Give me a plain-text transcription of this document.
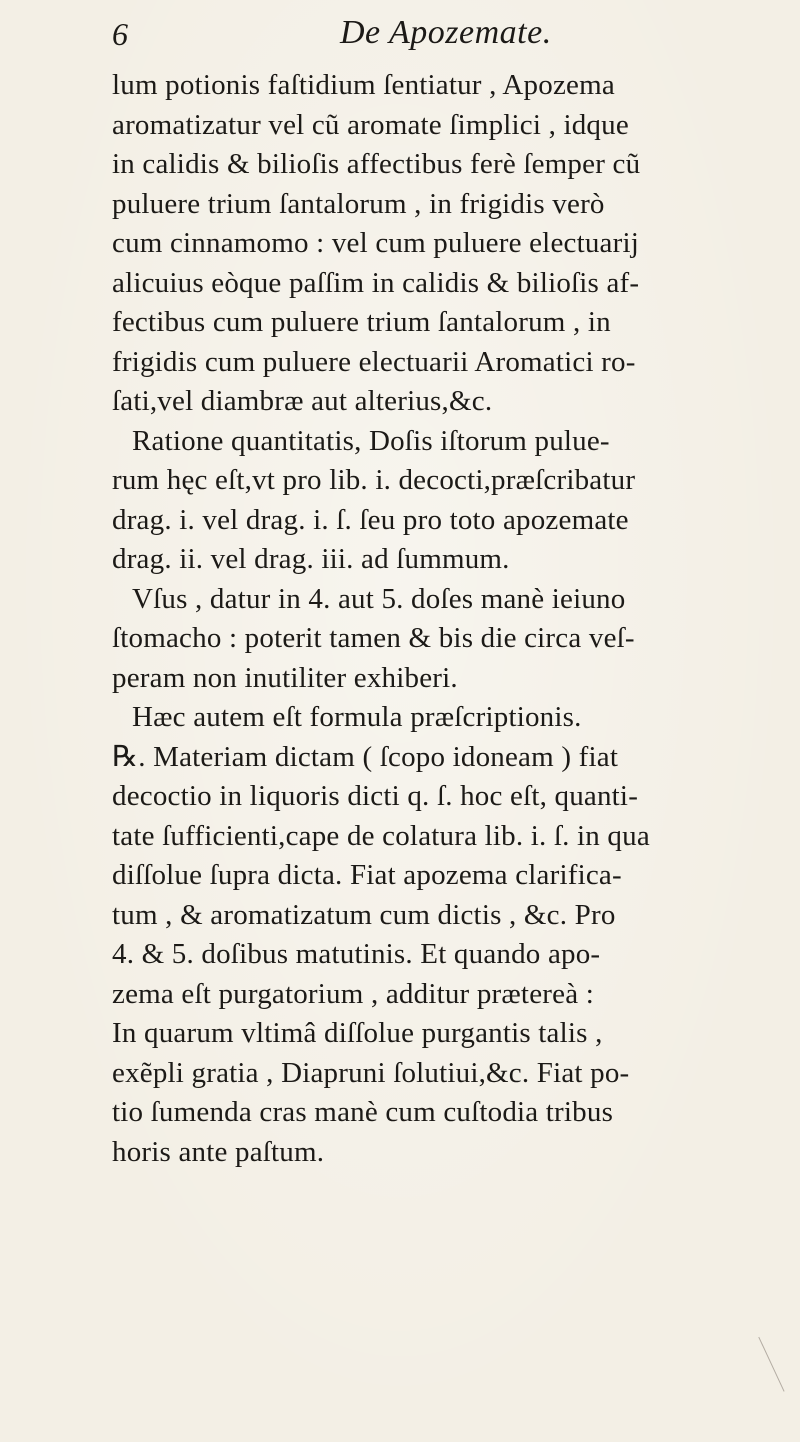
6	De Apozemate.
lum potionis faſtidium ſentiatur , Apozema
aromatizatur vel cũ aromate ſimplici , idque
in calidis & bilioſis affectibus ferè ſemper cũ
puluere trium ſantalorum , in frigidis verò
cum cinnamomo : vel cum puluere electuarij
alicuius eòque paſſim in calidis & bilioſis af-
fectibus cum puluere trium ſantalorum , in
frigidis cum puluere electuarii Aromatici ro-
ſati,vel diambræ aut alterius,&c.
Ratione quantitatis, Doſis iſtorum pulue-
rum hęc eſt,vt pro lib. i. decocti,præſcribatur
drag. i. vel drag. i. ſ. ſeu pro toto apozemate
drag. ii. vel drag. iii. ad ſummum.
Vſus , datur in 4. aut 5. doſes manè ieiuno
ſtomacho : poterit tamen & bis die circa veſ-
peram non inutiliter exhiberi.
Hæc autem eſt formula præſcriptionis.
℞. Materiam dictam ( ſcopo idoneam ) fiat
decoctio in liquoris dicti q. ſ. hoc eſt, quanti-
tate ſufficienti,cape de colatura lib. i. ſ. in qua
diſſolue ſupra dicta. Fiat apozema clarifica-
tum , & aromatizatum cum dictis , &c. Pro
4. & 5. doſibus matutinis. Et quando apo-
zema eſt purgatorium , additur prætereà :
In quarum vltimâ diſſolue purgantis talis ,
exẽpli gratia , Diapruni ſolutiui,&c. Fiat po-
tio ſumenda cras manè cum cuſtodia tribus
horis ante paſtum.
